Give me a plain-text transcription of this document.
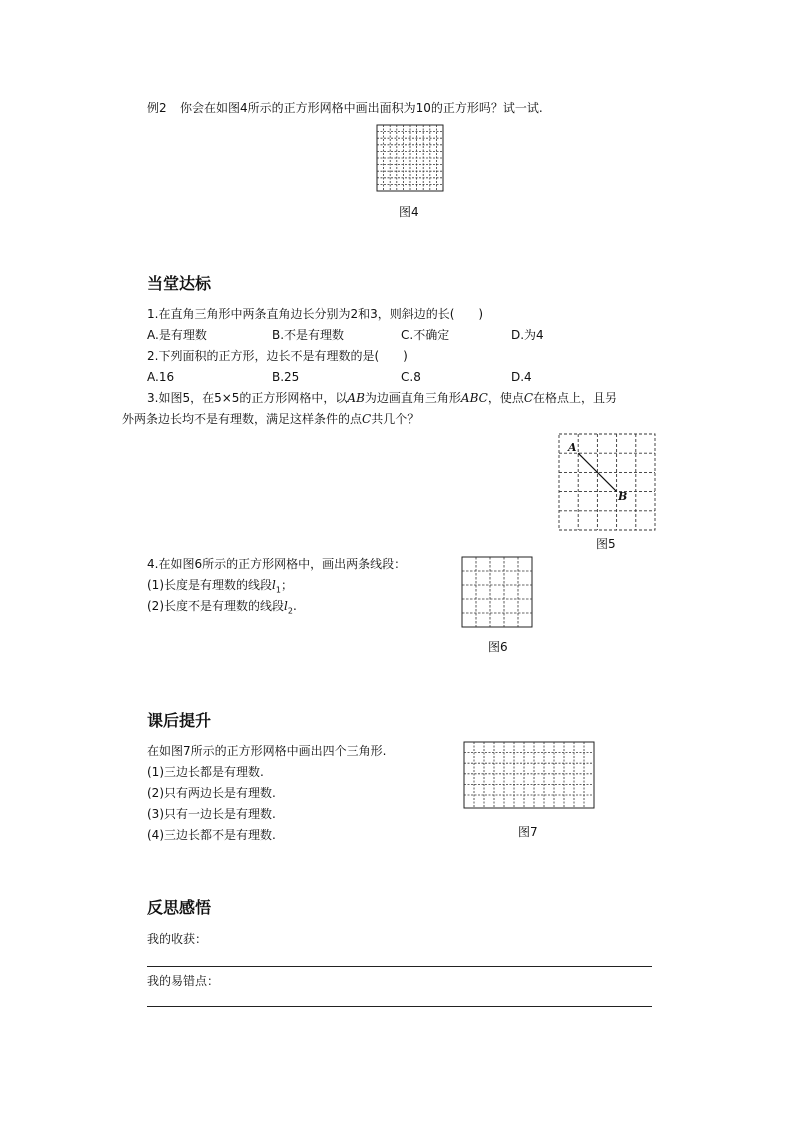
例2 你会在如图4所示的正方形网格中画出面积为10的正方形吗？试一试.
图4
当堂达标
1.在直角三角形中两条直角边长分别为2和3，则斜边的长(　　)
A.是有理数	B.不是有理数	C.不确定	D.为4
2.下列面积的正方形，边长不是有理数的是(　　)
A.16	B.25	C.8	D.4
3.如图5，在5×5的正方形网格中，以AB为边画直角三角形ABC，使点C在格点上，且另
外两条边长均不是有理数，满足这样条件的点C共几个？
A
B
图5
4.在如图6所示的正方形网格中，画出两条线段：
(1)长度是有理数的线段$l_1$；
(2)长度不是有理数的线段$l_2$.
图6
课后提升
在如图7所示的正方形网格中画出四个三角形.
(1)三边长都是有理数.
(2)只有两边长是有理数.
(3)只有一边长是有理数.
(4)三边长都不是有理数.	图7
反思感悟
我的收获：
我的易错点：
